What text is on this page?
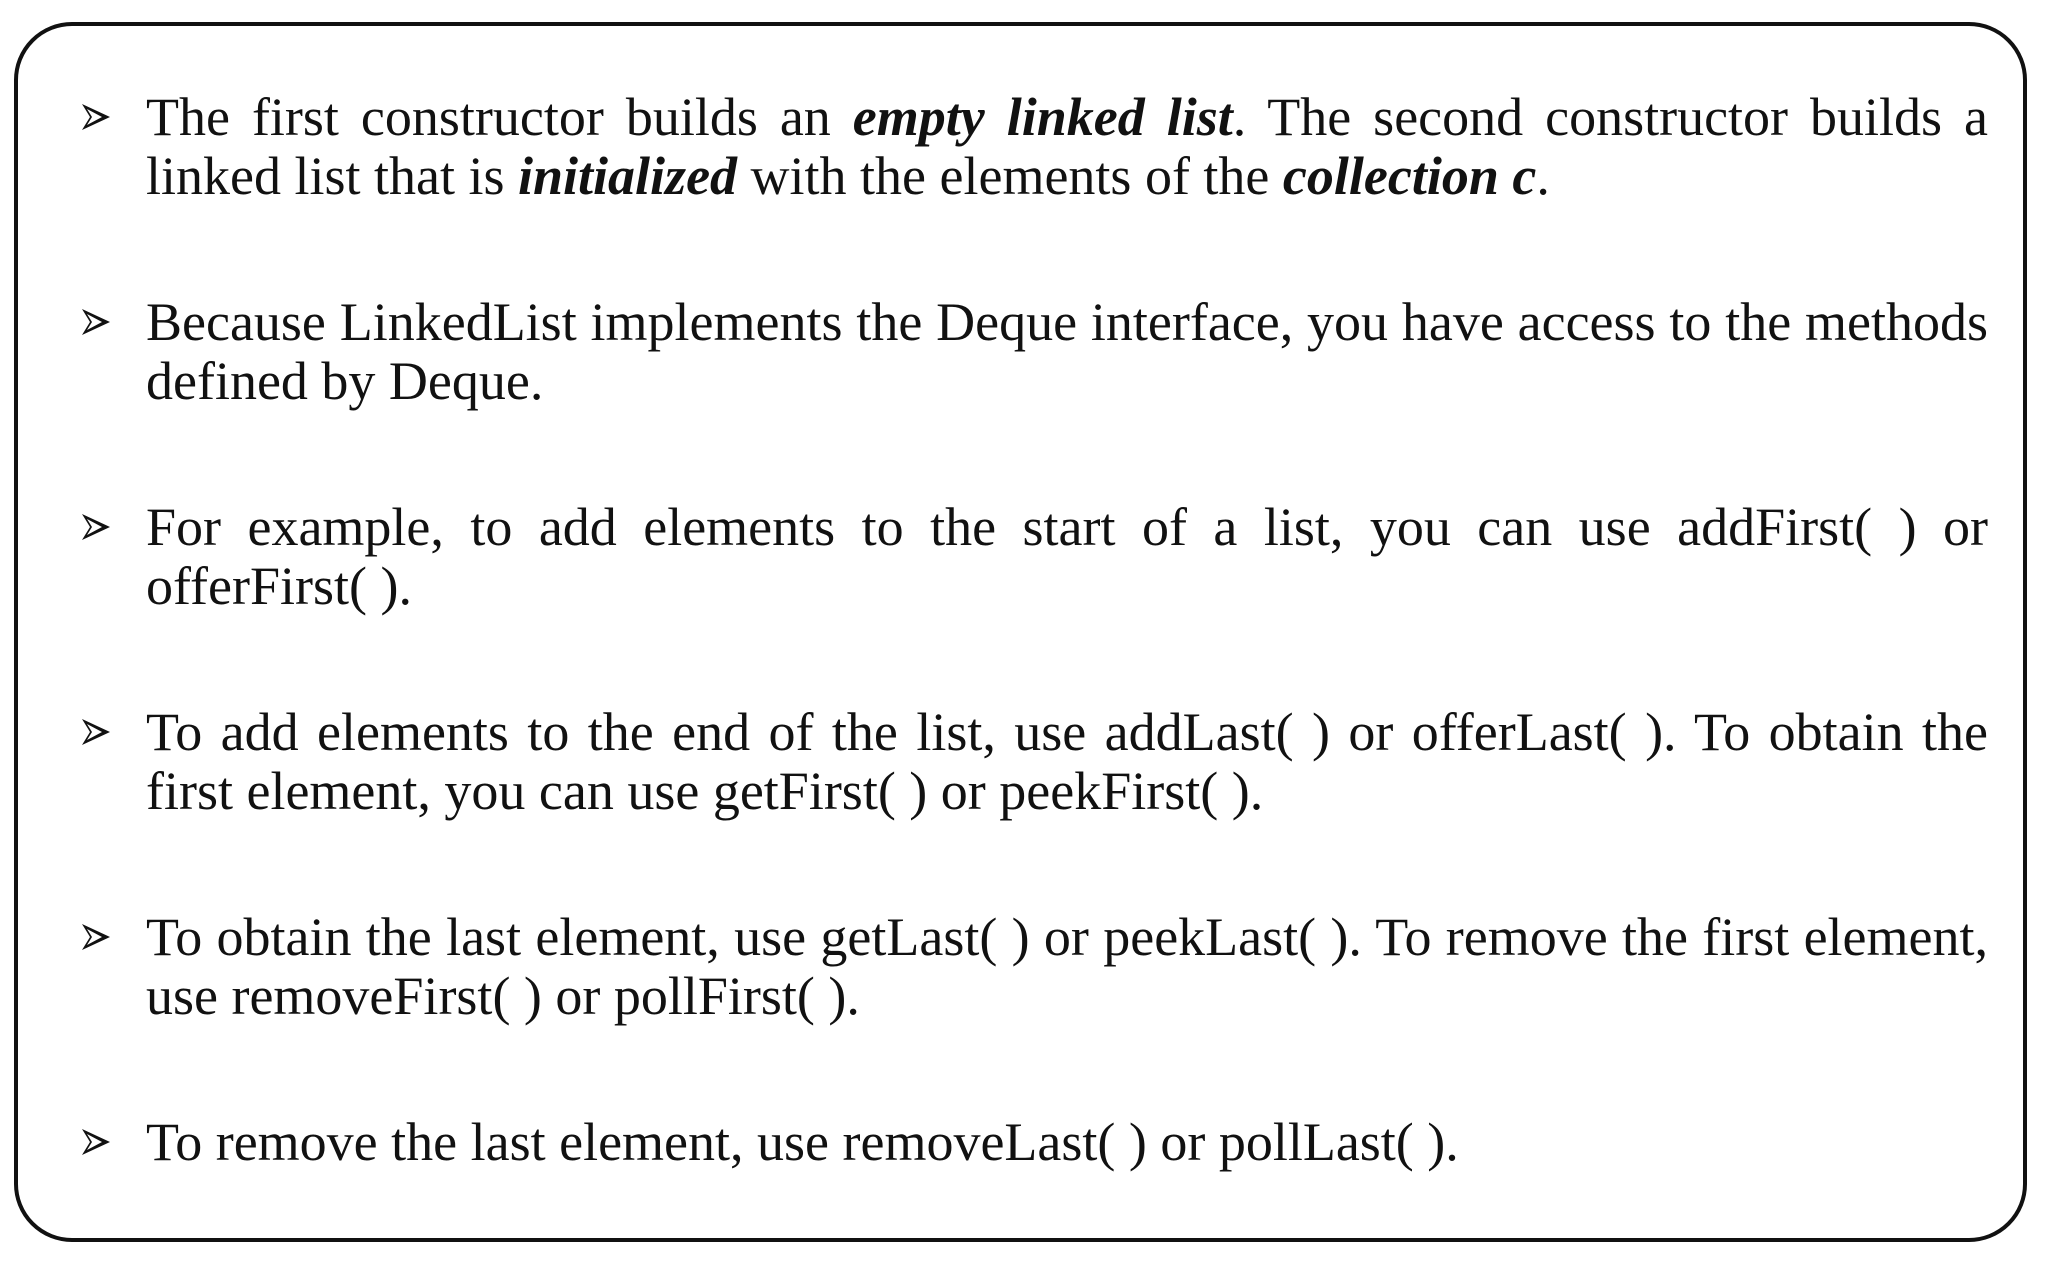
The first constructor builds an empty linked list. The second constructor builds a linked list that is initialized with the elements of the collection c.
Because LinkedList implements the Deque interface, you have access to the methods defined by Deque.
For example, to add elements to the start of a list, you can use addFirst( ) or offerFirst( ).
To add elements to the end of the list, use addLast( ) or offerLast( ). To obtain the first element, you can use getFirst( ) or peekFirst( ).
To obtain the last element, use getLast( ) or peekLast( ). To remove the first element, use removeFirst( ) or pollFirst( ).
To remove the last element, use removeLast( ) or pollLast( ).
